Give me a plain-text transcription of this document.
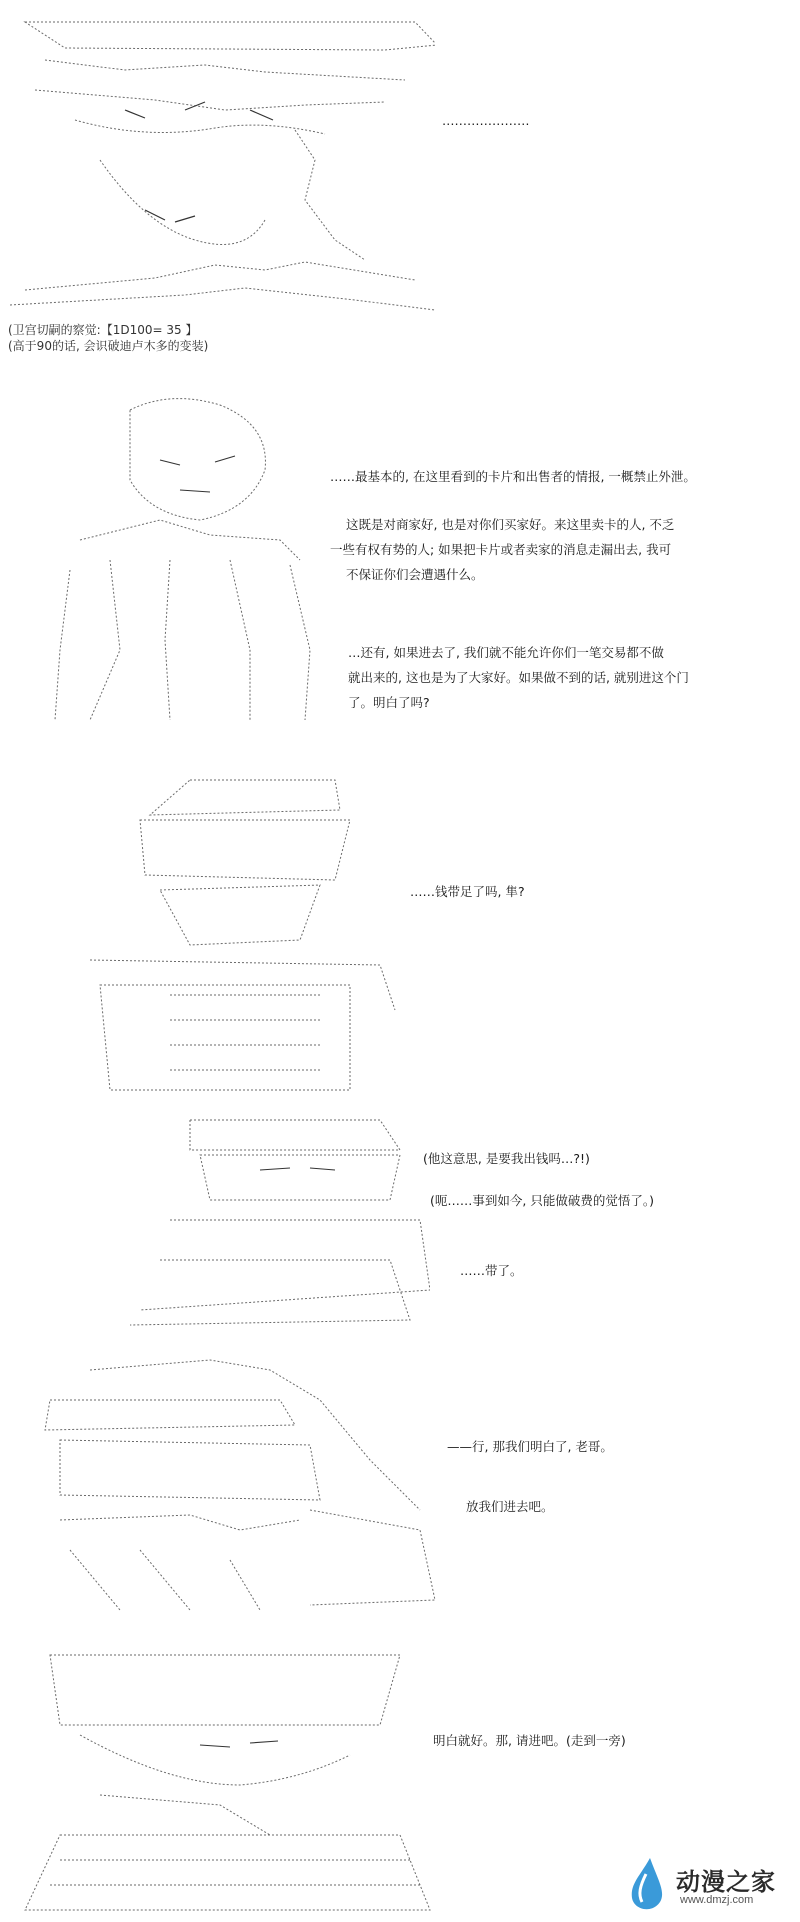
…………………
(卫宫切嗣的察觉:【1D100= 35 】
(高于90的话, 会识破迪卢木多的变装)
……最基本的, 在这里看到的卡片和出售者的情报, 一概禁止外泄。
这既是对商家好, 也是对你们买家好。来这里卖卡的人, 不乏
一些有权有势的人; 如果把卡片或者卖家的消息走漏出去, 我可
不保证你们会遭遇什么。
…还有, 如果进去了, 我们就不能允许你们一笔交易都不做
就出来的, 这也是为了大家好。如果做不到的话, 就别进这个门
了。明白了吗?
……钱带足了吗, 隼?
(他这意思, 是要我出钱吗…?!)
(呃……事到如今, 只能做破费的觉悟了。)
……带了。
——行, 那我们明白了, 老哥。
放我们进去吧。
明白就好。那, 请进吧。(走到一旁)
动漫之家
www.dmzj.com
